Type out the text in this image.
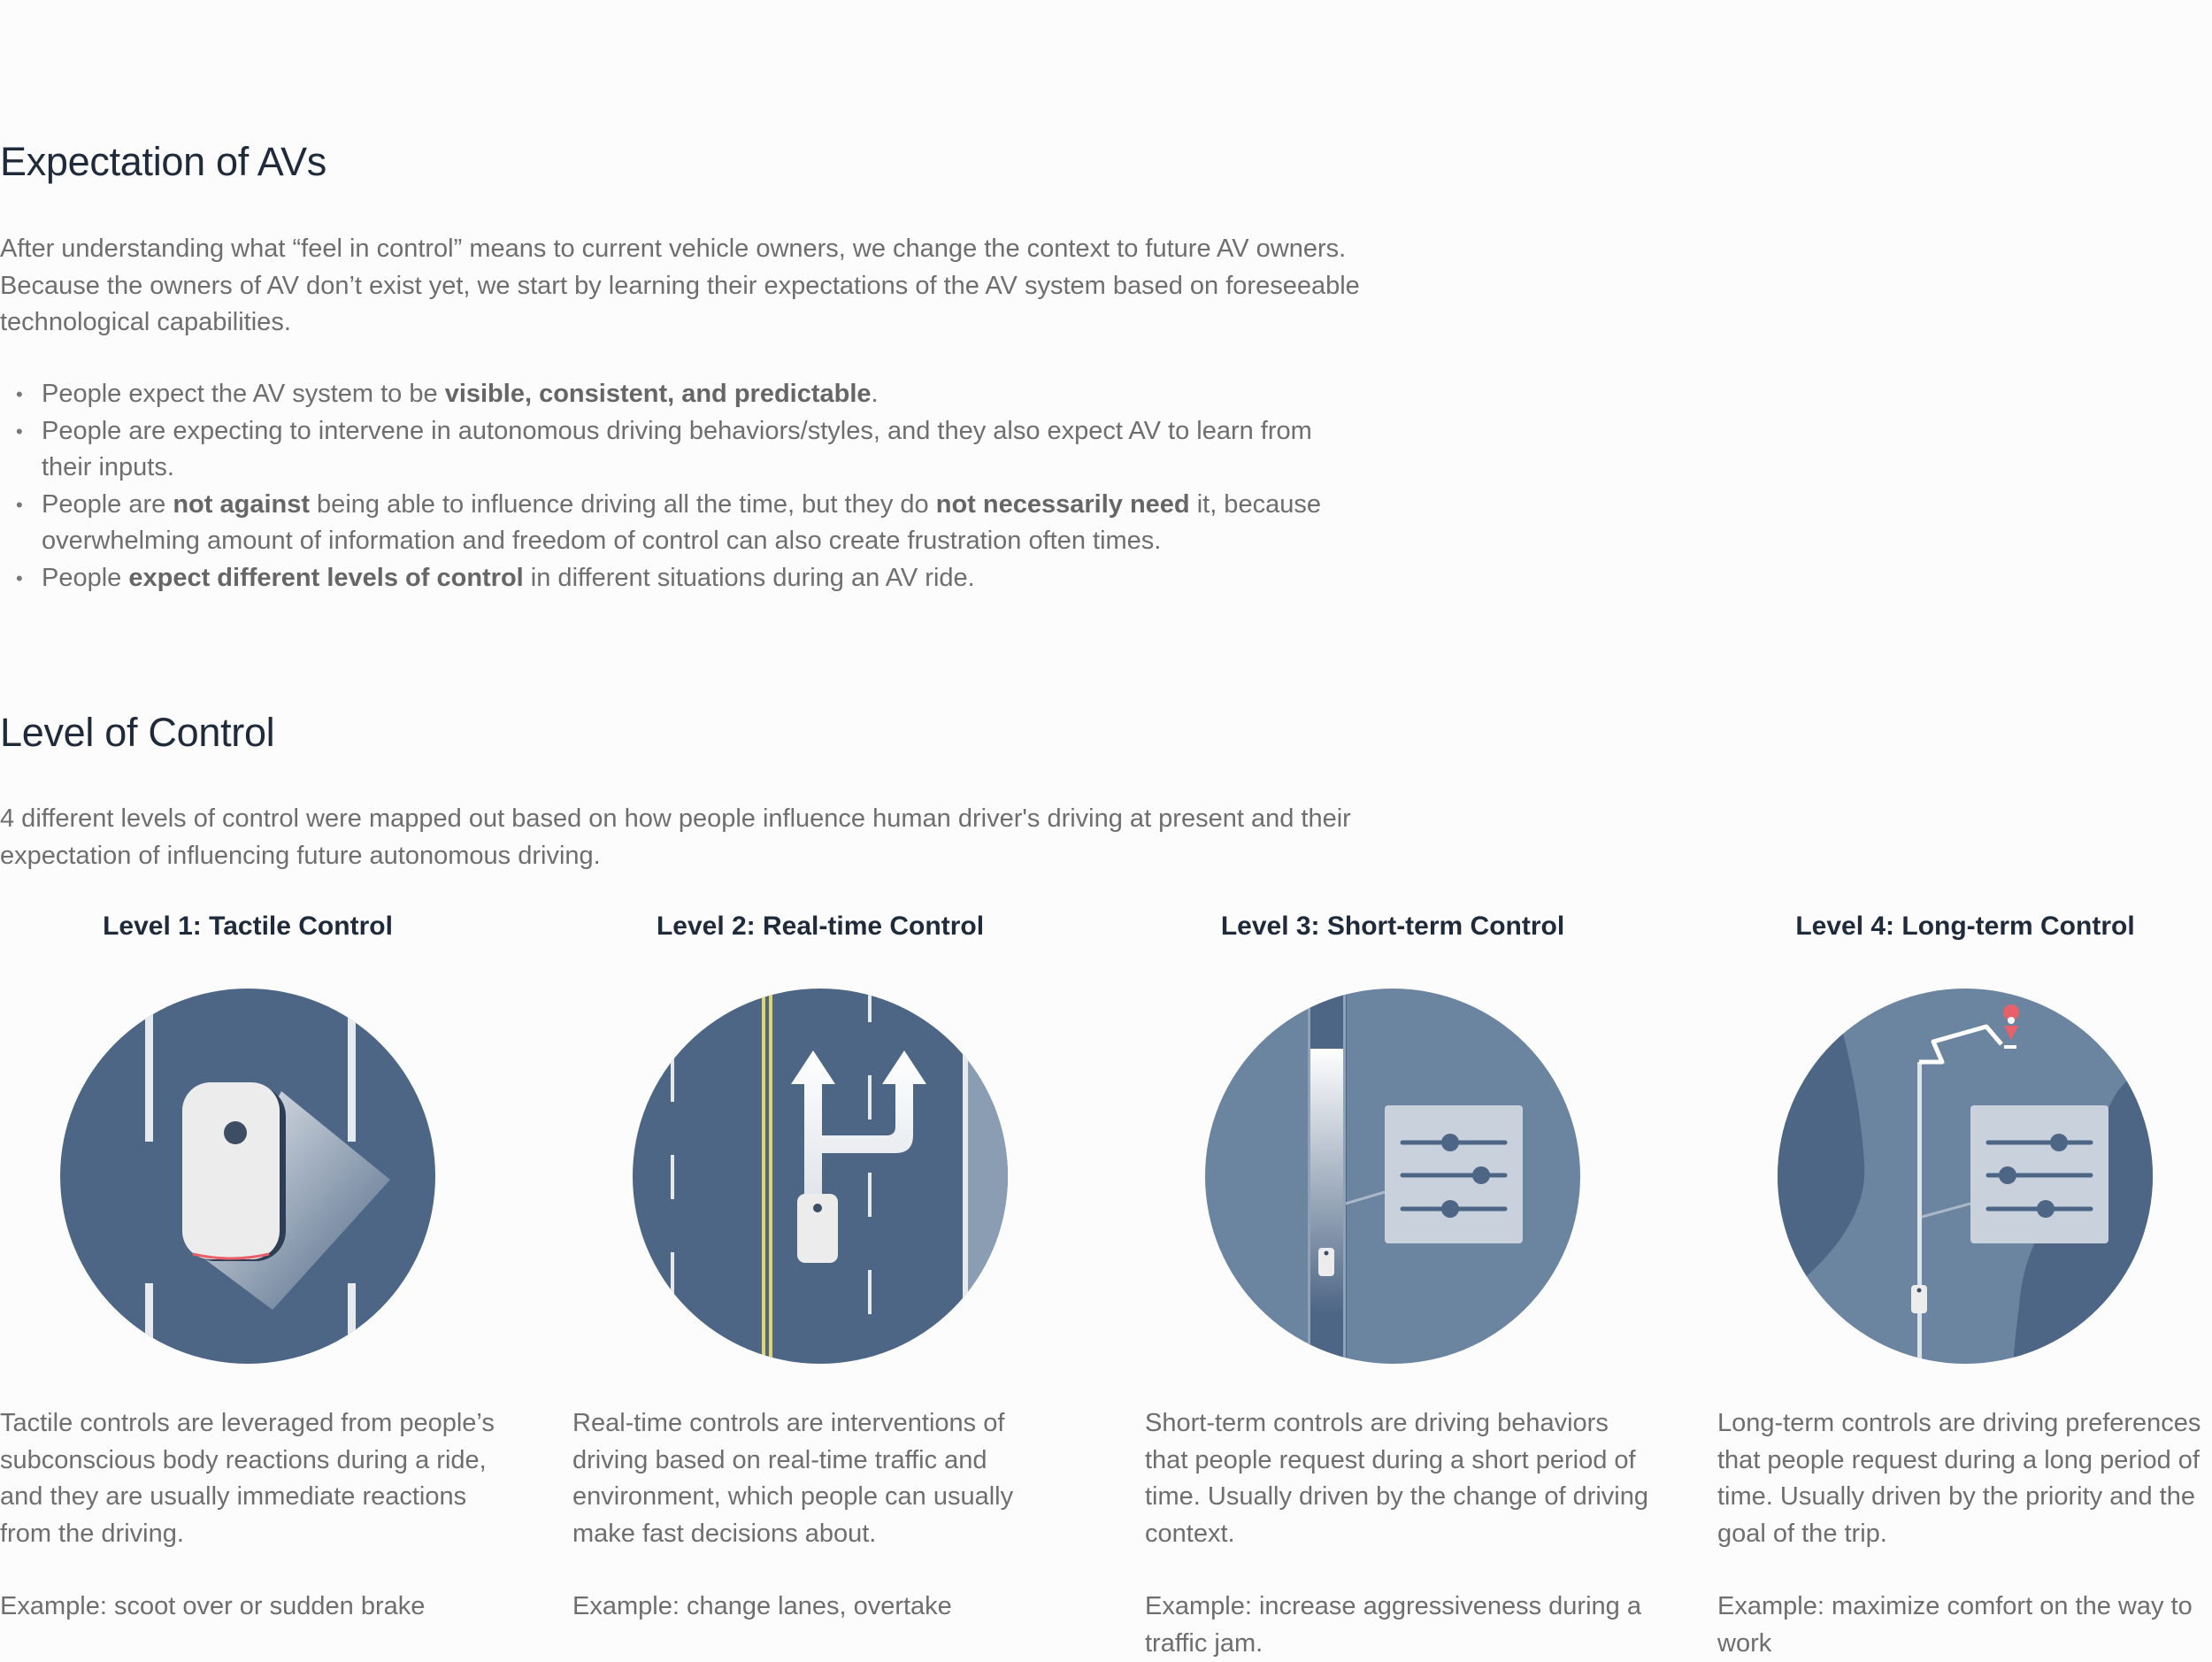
Expectation of AVs

After understanding what “feel in control” means to current vehicle owners, we change the context to future AV owners. Because the owners of AV don’t exist yet, we start by learning their expectations of the AV system based on foreseeable technological capabilities.

• People expect the AV system to be visible, consistent, and predictable.
• People are expecting to intervene in autonomous driving behaviors/styles, and they also expect AV to learn from their inputs.
• People are not against being able to influence driving all the time, but they do not necessarily need it, because overwhelming amount of information and freedom of control can also create frustration often times.
• People expect different levels of control in different situations during an AV ride.
Level of Control

4 different levels of control were mapped out based on how people influence human driver's driving at present and their expectation of influencing future autonomous driving.

Level 1: Tactile Control

Tactile controls are leveraged from people’s subconscious body reactions during a ride, and they are usually immediate reactions from the driving.

Example: scoot over or sudden brake

Level 2: Real-time Control

Real-time controls are interventions of driving based on real-time traffic and environment, which people can usually make fast decisions about.

Example: change lanes, overtake

Level 3: Short-term Control

Short-term controls are driving behaviors that people request during a short period of time. Usually driven by the change of driving context.

Example: increase aggressiveness during a traffic jam.

Level 4: Long-term Control

Long-term controls are driving preferences that people request during a long period of time. Usually driven by the priority and the goal of the trip.

Example: maximize comfort on the way to work
